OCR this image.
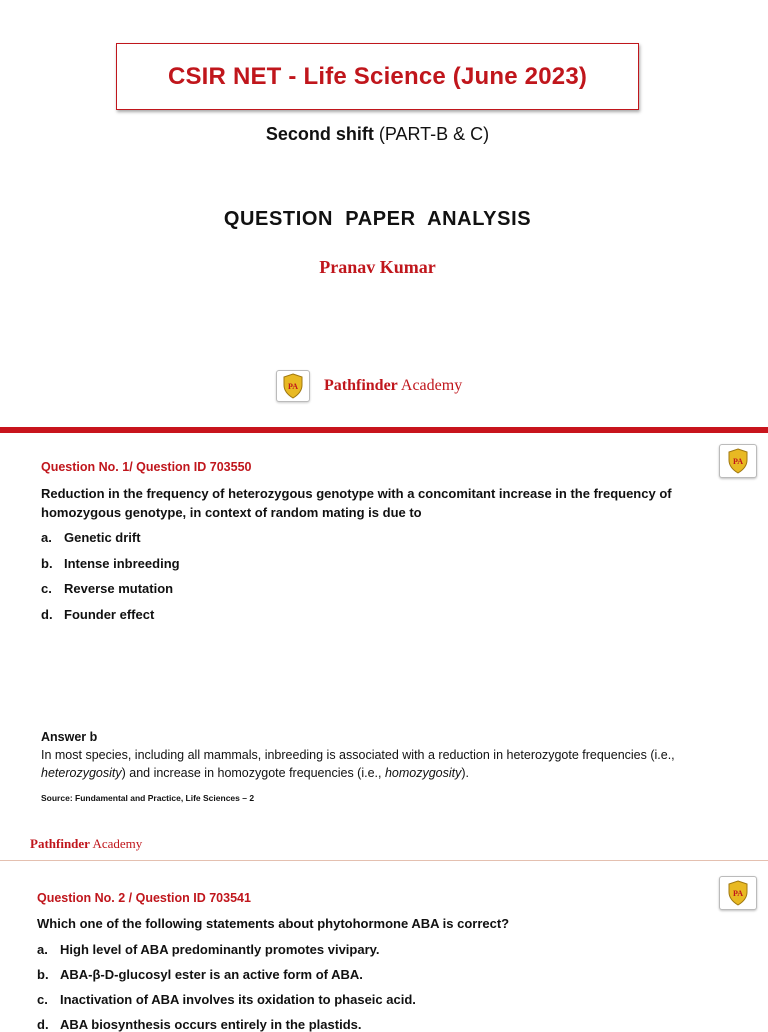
CSIR NET - Life Science (June 2023)
Second shift (PART-B & C)
QUESTION PAPER ANALYSIS
Pranav Kumar
PA Pathfinder Academy
PA
Question No. 1/ Question ID 703550
Reduction in the frequency of heterozygous genotype with a concomitant increase in the frequency of homozygous genotype, in context of random mating is due to
a. Genetic drift
b. Intense inbreeding
c. Reverse mutation
d. Founder effect
Answer b
In most species, including all mammals, inbreeding is associated with a reduction in heterozygote frequencies (i.e., heterozygosity) and increase in homozygote frequencies (i.e., homozygosity).
Source: Fundamental and Practice, Life Sciences – 2
Pathfinder Academy
PA
Question No. 2 / Question ID 703541
Which one of the following statements about phytohormone ABA is correct?
a. High level of ABA predominantly promotes vivipary.
b. ABA-β-D-glucosyl ester is an active form of ABA.
c. Inactivation of ABA involves its oxidation to phaseic acid.
d. ABA biosynthesis occurs entirely in the plastids.
